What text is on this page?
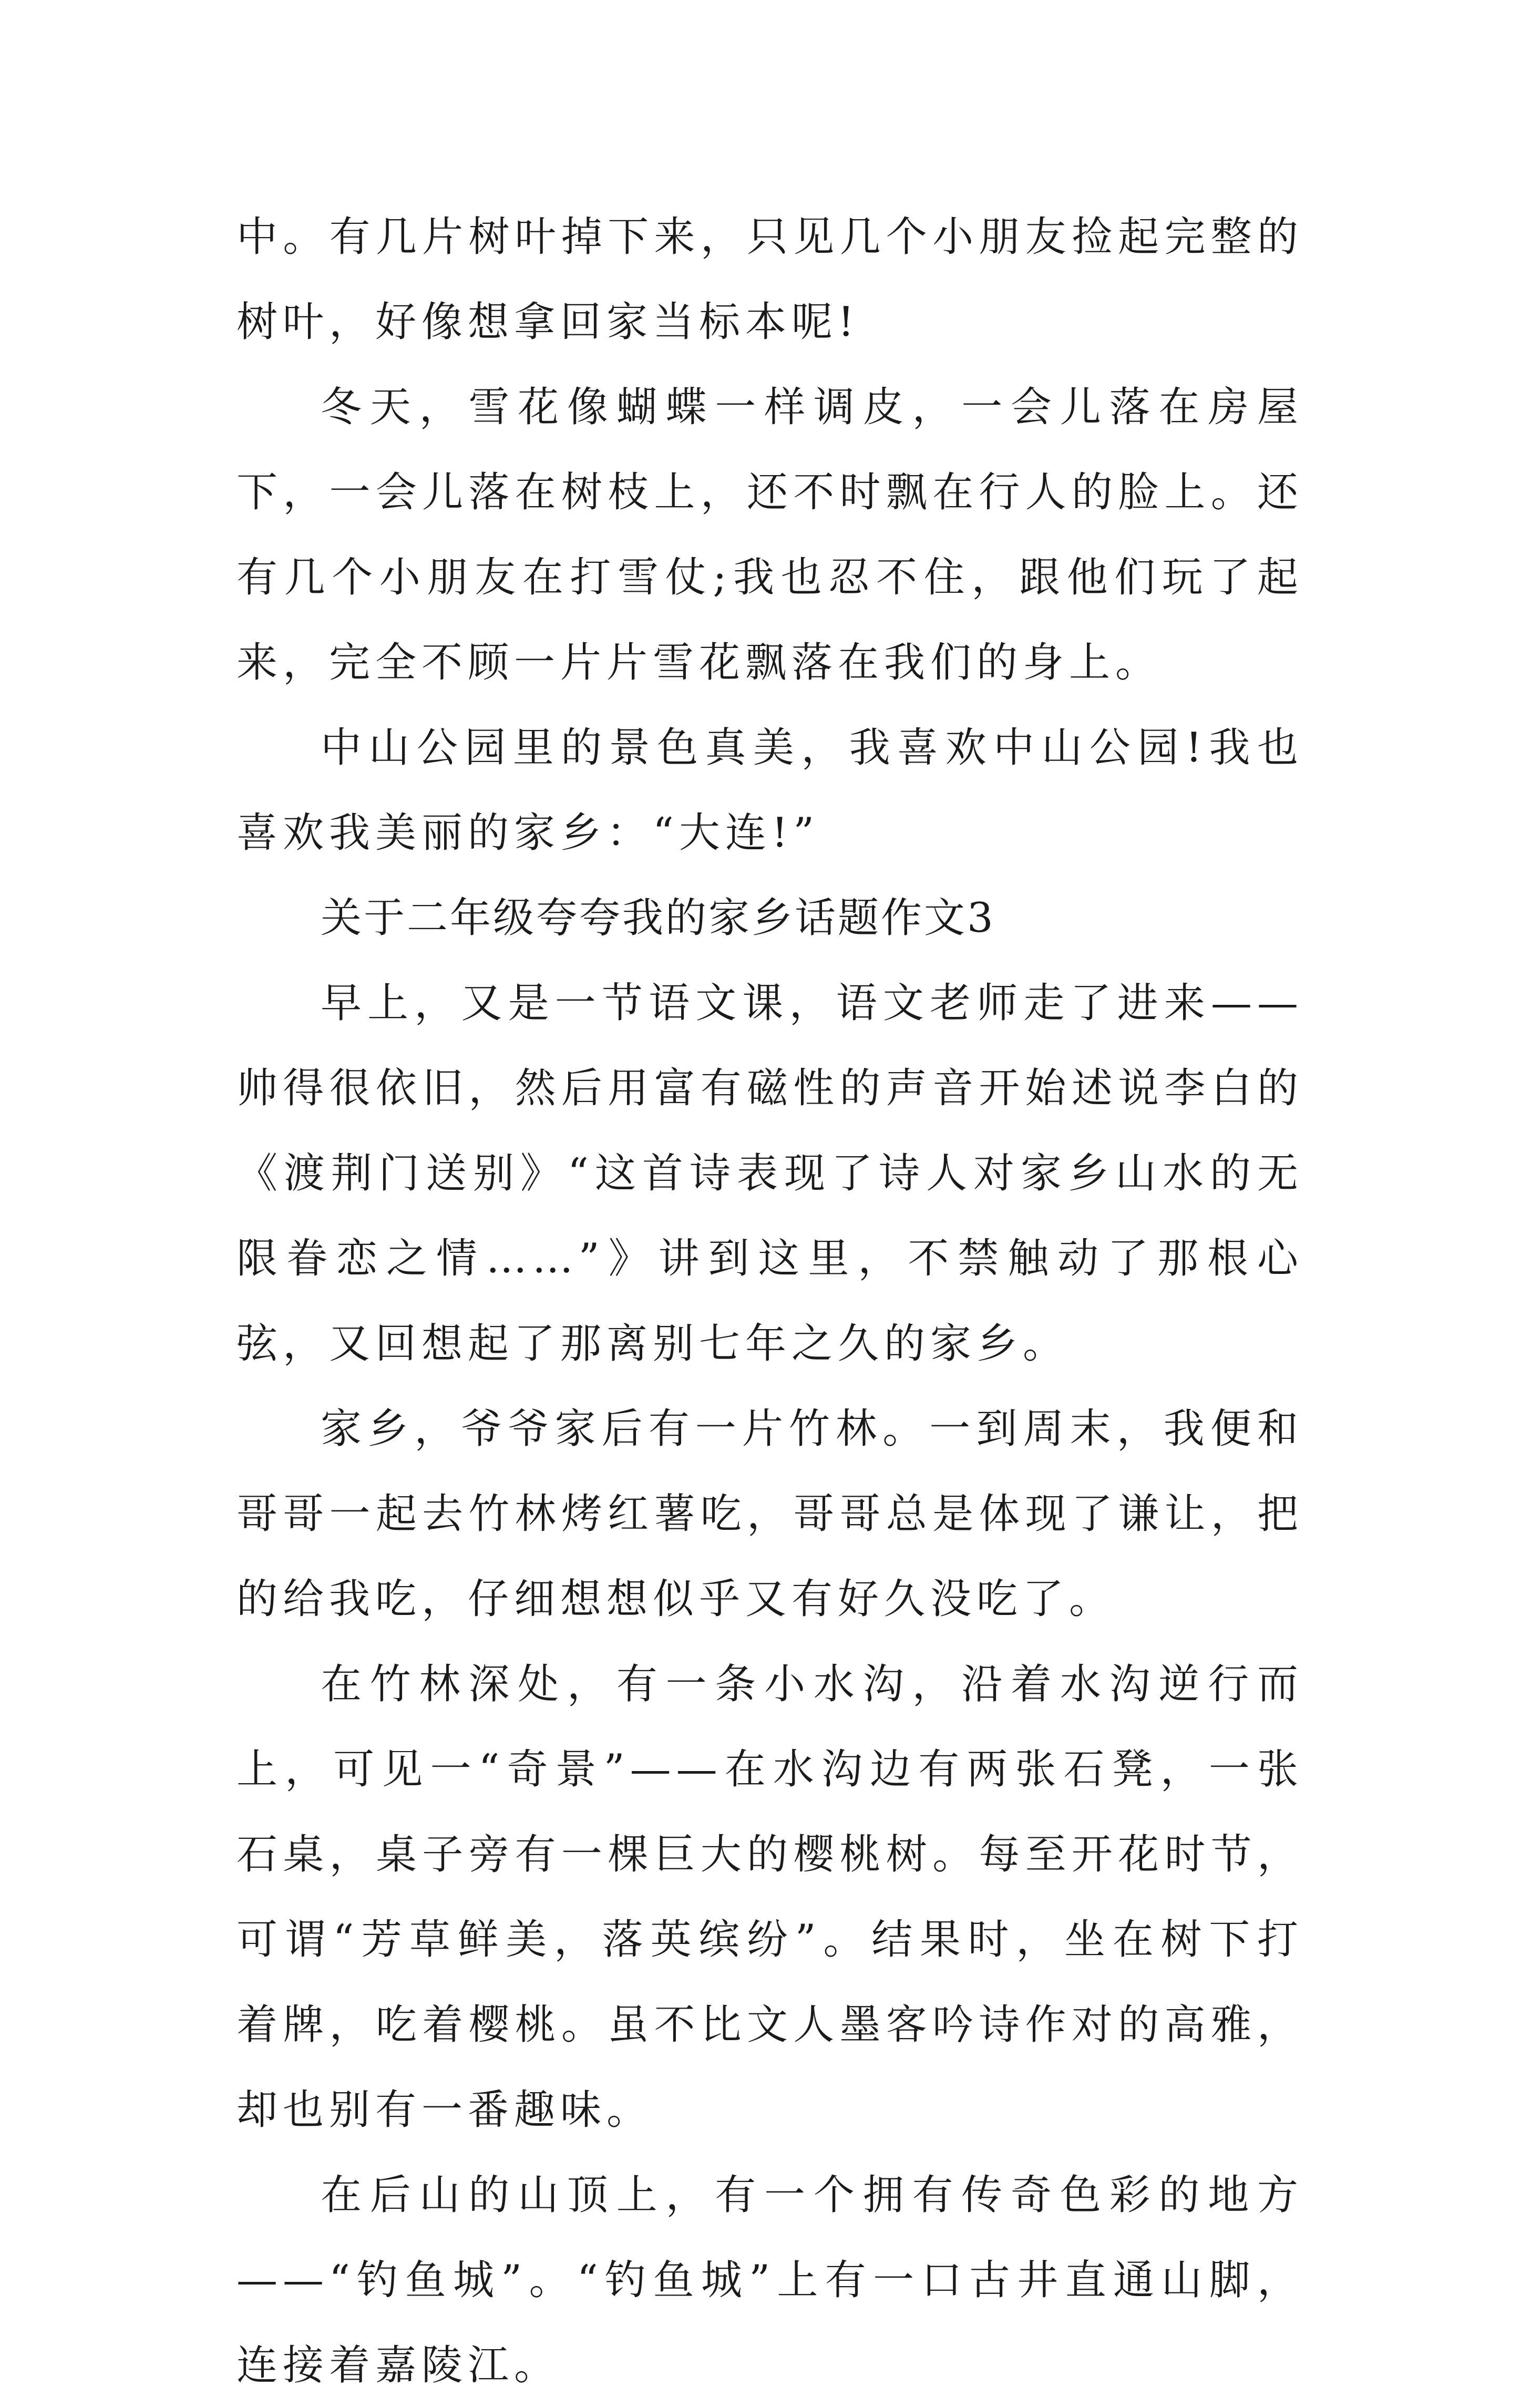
中。有几片树叶掉下来，只见几个小朋友捡起完整的树叶，好像想拿回家当标本呢!

冬天，雪花像蝴蝶一样调皮，一会儿落在房屋下，一会儿落在树枝上，还不时飘在行人的脸上。还有几个小朋友在打雪仗;我也忍不住，跟他们玩了起来，完全不顾一片片雪花飘落在我们的身上。

中山公园里的景色真美，我喜欢中山公园!我也喜欢我美丽的家乡：“大连!”

关于二年级夸夸我的家乡话题作文3

早上，又是一节语文课，语文老师走了进来——帅得很依旧，然后用富有磁性的声音开始述说李白的《渡荆门送别》“这首诗表现了诗人对家乡山水的无限眷恋之情……”》讲到这里，不禁触动了那根心弦，又回想起了那离别七年之久的家乡。

家乡，爷爷家后有一片竹林。一到周末，我便和哥哥一起去竹林烤红薯吃，哥哥总是体现了谦让，把的给我吃，仔细想想似乎又有好久没吃了。

在竹林深处，有一条小水沟，沿着水沟逆行而上，可见一“奇景”——在水沟边有两张石凳，一张石桌，桌子旁有一棵巨大的樱桃树。每至开花时节，可谓“芳草鲜美，落英缤纷”。结果时，坐在树下打着牌，吃着樱桃。虽不比文人墨客吟诗作对的高雅，却也别有一番趣味。

在后山的山顶上，有一个拥有传奇色彩的地方——“钓鱼城”。“钓鱼城”上有一口古井直通山脚，连接着嘉陵江。
